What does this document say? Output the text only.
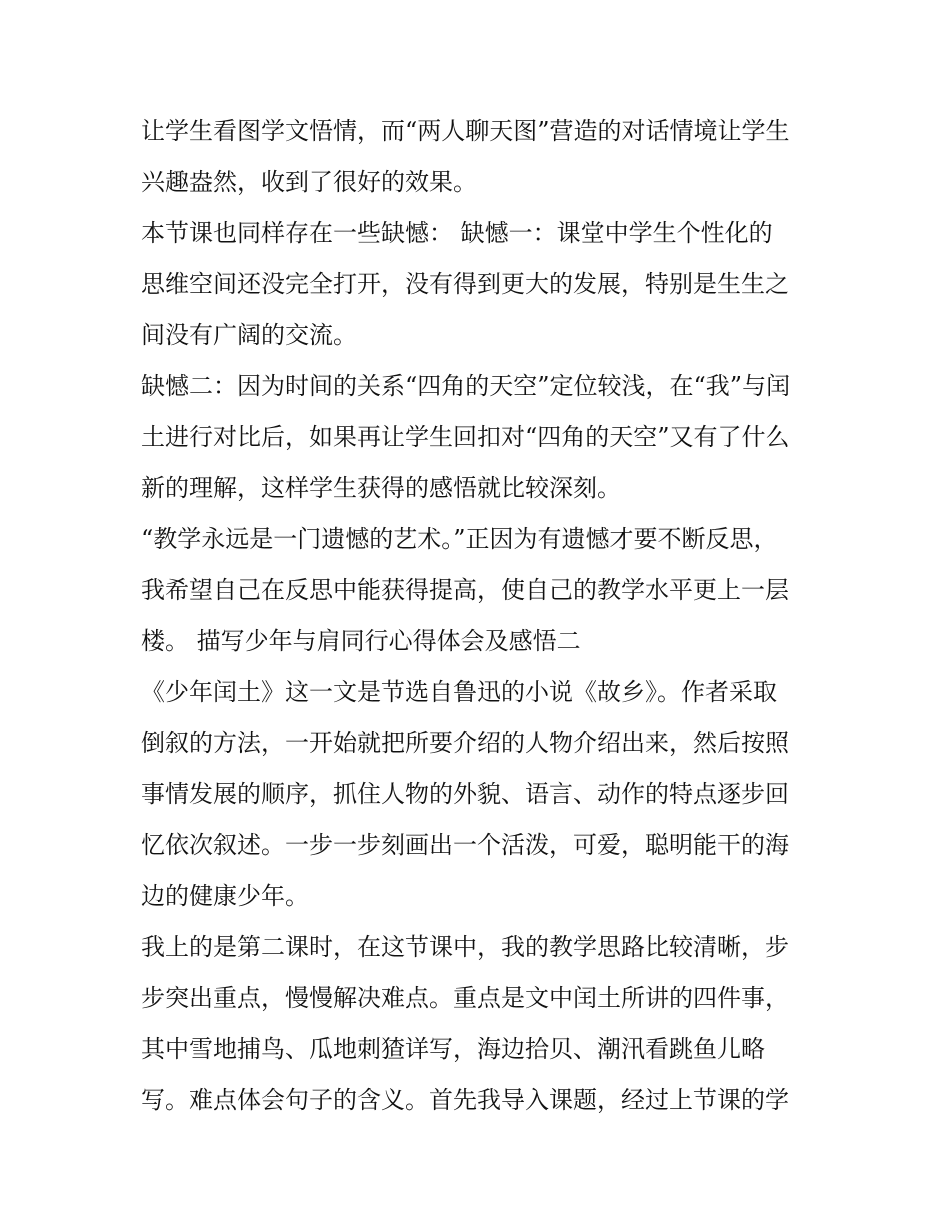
让学生看图学文悟情，而“两人聊天图”营造的对话情境让学生
兴趣盎然，收到了很好的效果。
本节课也同样存在一些缺憾： 缺憾一：课堂中学生个性化的
思维空间还没完全打开，没有得到更大的发展，特别是生生之
间没有广阔的交流。
缺憾二：因为时间的关系“四角的天空”定位较浅，在“我”与闰
土进行对比后，如果再让学生回扣对“四角的天空”又有了什么
新的理解，这样学生获得的感悟就比较深刻。
“教学永远是一门遗憾的艺术。”正因为有遗憾才要不断反思，
我希望自己在反思中能获得提高，使自己的教学水平更上一层
楼。 描写少年与肩同行心得体会及感悟二
《少年闰土》这一文是节选自鲁迅的小说《故乡》。作者采取
倒叙的方法，一开始就把所要介绍的人物介绍出来，然后按照
事情发展的顺序，抓住人物的外貌、语言、动作的特点逐步回
忆依次叙述。一步一步刻画出一个活泼，可爱，聪明能干的海
边的健康少年。
我上的是第二课时，在这节课中，我的教学思路比较清晰，步
步突出重点，慢慢解决难点。重点是文中闰土所讲的四件事，
其中雪地捕鸟、瓜地刺猹详写，海边拾贝、潮汛看跳鱼儿略
写。难点体会句子的含义。首先我导入课题，经过上节课的学
